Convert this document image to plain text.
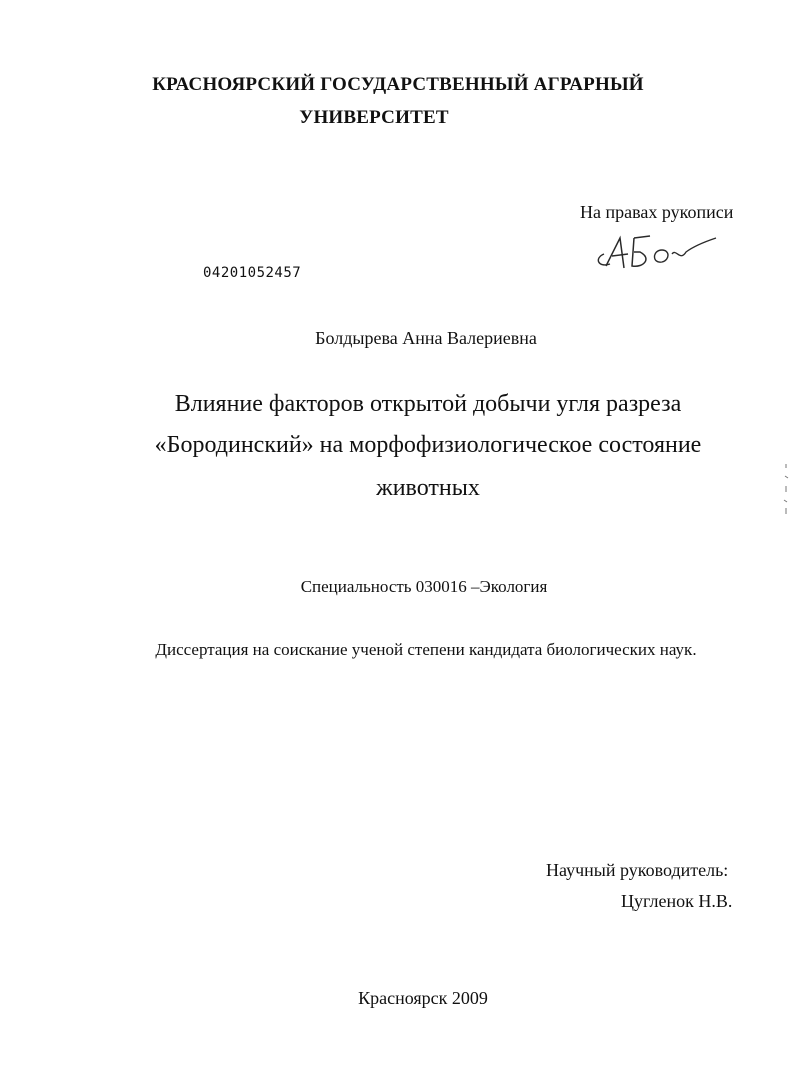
КРАСНОЯРСКИЙ ГОСУДАРСТВЕННЫЙ АГРАРНЫЙ
УНИВЕРСИТЕТ
На правах рукописи
04201052457
Болдырева Анна Валериевна
Влияние факторов открытой добычи угля разреза
«Бородинский» на морфофизиологическое состояние
животных
Специальность 030016 –Экология
Диссертация на соискание ученой степени кандидата биологических наук.
Научный руководитель:
Цугленок Н.В.
Красноярск 2009
